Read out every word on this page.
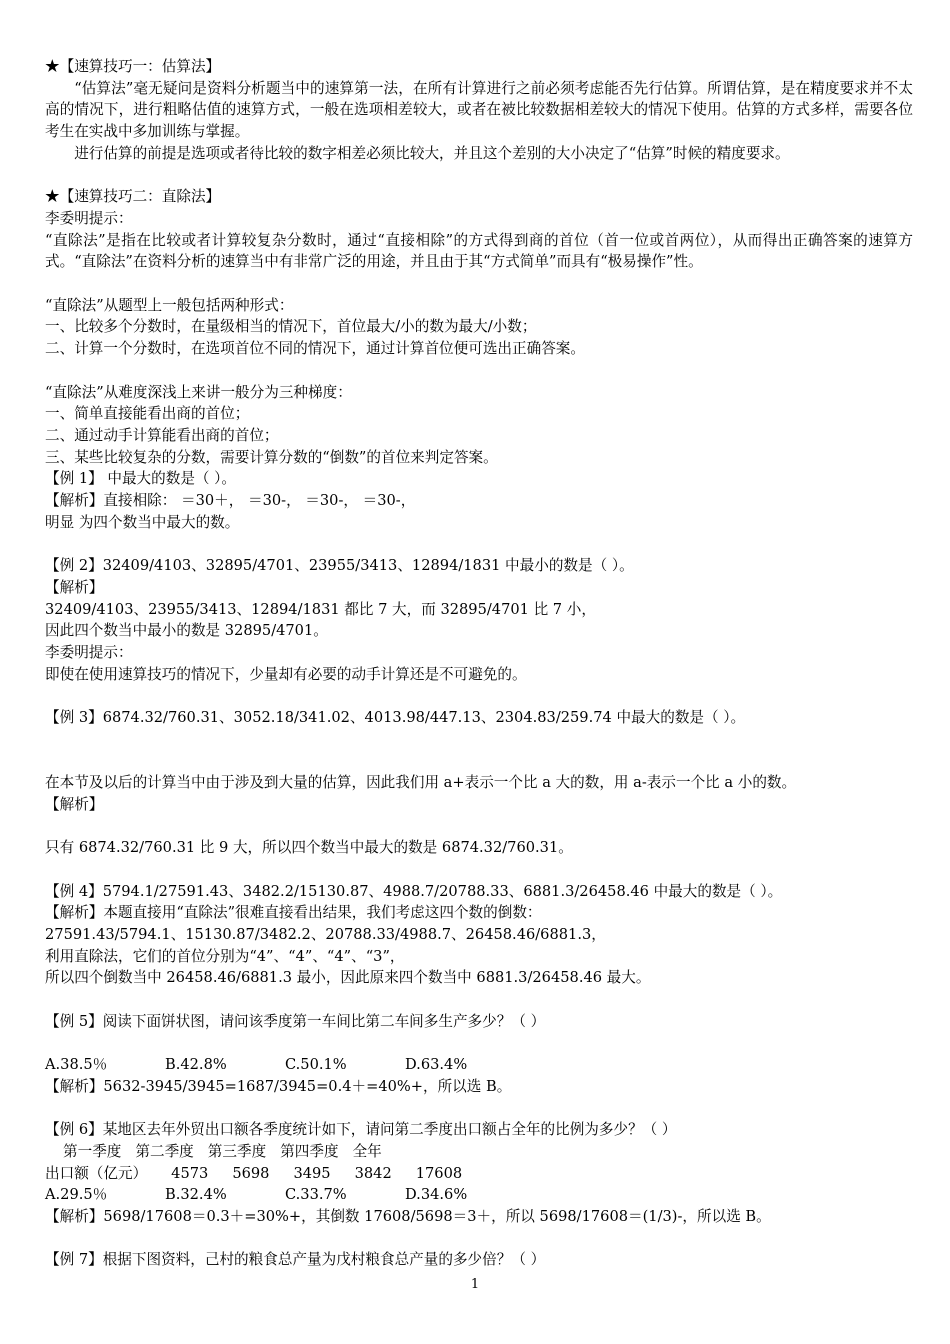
★【速算技巧一：估算法】
“估算法”毫无疑问是资料分析题当中的速算第一法，在所有计算进行之前必须考虑能否先行估算。所谓估算，是在精度要求并不太高的情况下，进行粗略估值的速算方式，一般在选项相差较大，或者在被比较数据相差较大的情况下使用。估算的方式多样，需要各位考生在实战中多加训练与掌握。
进行估算的前提是选项或者待比较的数字相差必须比较大，并且这个差别的大小决定了“估算”时候的精度要求。
★【速算技巧二：直除法】
李委明提示：
“直除法”是指在比较或者计算较复杂分数时，通过“直接相除”的方式得到商的首位（首一位或首两位），从而得出正确答案的速算方式。“直除法”在资料分析的速算当中有非常广泛的用途，并且由于其“方式简单”而具有“极易操作”性。
“直除法”从题型上一般包括两种形式：
一、比较多个分数时，在量级相当的情况下，首位最大/小的数为最大/小数；
二、计算一个分数时，在选项首位不同的情况下，通过计算首位便可选出正确答案。
“直除法”从难度深浅上来讲一般分为三种梯度：
一、简单直接能看出商的首位；
二、通过动手计算能看出商的首位；
三、某些比较复杂的分数，需要计算分数的“倒数”的首位来判定答案。
【例 1】 中最大的数是（ ）。
【解析】直接相除： ＝30＋， ＝30-， ＝30-， ＝30-，
明显 为四个数当中最大的数。
【例 2】32409/4103、32895/4701、23955/3413、12894/1831 中最小的数是（ ）。
【解析】
32409/4103、23955/3413、12894/1831 都比 7 大，而 32895/4701 比 7 小，
因此四个数当中最小的数是 32895/4701。
李委明提示：
即使在使用速算技巧的情况下，少量却有必要的动手计算还是不可避免的。
【例 3】6874.32/760.31、3052.18/341.02、4013.98/447.13、2304.83/259.74 中最大的数是（ ）。
在本节及以后的计算当中由于涉及到大量的估算，因此我们用 a+表示一个比 a 大的数，用 a-表示一个比 a 小的数。
【解析】
只有 6874.32/760.31 比 9 大，所以四个数当中最大的数是 6874.32/760.31。
【例 4】5794.1/27591.43、3482.2/15130.87、4988.7/20788.33、6881.3/26458.46 中最大的数是（ ）。
【解析】本题直接用“直除法”很难直接看出结果，我们考虑这四个数的倒数：
27591.43/5794.1、15130.87/3482.2、20788.33/4988.7、26458.46/6881.3，
利用直除法，它们的首位分别为“4”、“4”、“4”、“3”，
所以四个倒数当中 26458.46/6881.3 最小，因此原来四个数当中 6881.3/26458.46 最大。
【例 5】阅读下面饼状图，请问该季度第一车间比第二车间多生产多少？（ ）
A.38.5％	B.42.8%	C.50.1%	D.63.4%
【解析】5632-3945/3945=1687/3945=0.4＋=40%+，所以选 B。
【例 6】某地区去年外贸出口额各季度统计如下，请问第二季度出口额占全年的比例为多少？（ ）
第一季度 第二季度 第三季度 第四季度 全年
出口额（亿元） 4573 5698 3495 3842 17608
A.29.5％	B.32.4%	C.33.7%	D.34.6%
【解析】5698/17608＝0.3＋=30%+，其倒数 17608/5698＝3＋，所以 5698/17608＝(1/3)-，所以选 B。
【例 7】根据下图资料，己村的粮食总产量为戊村粮食总产量的多少倍？（ ）
1
